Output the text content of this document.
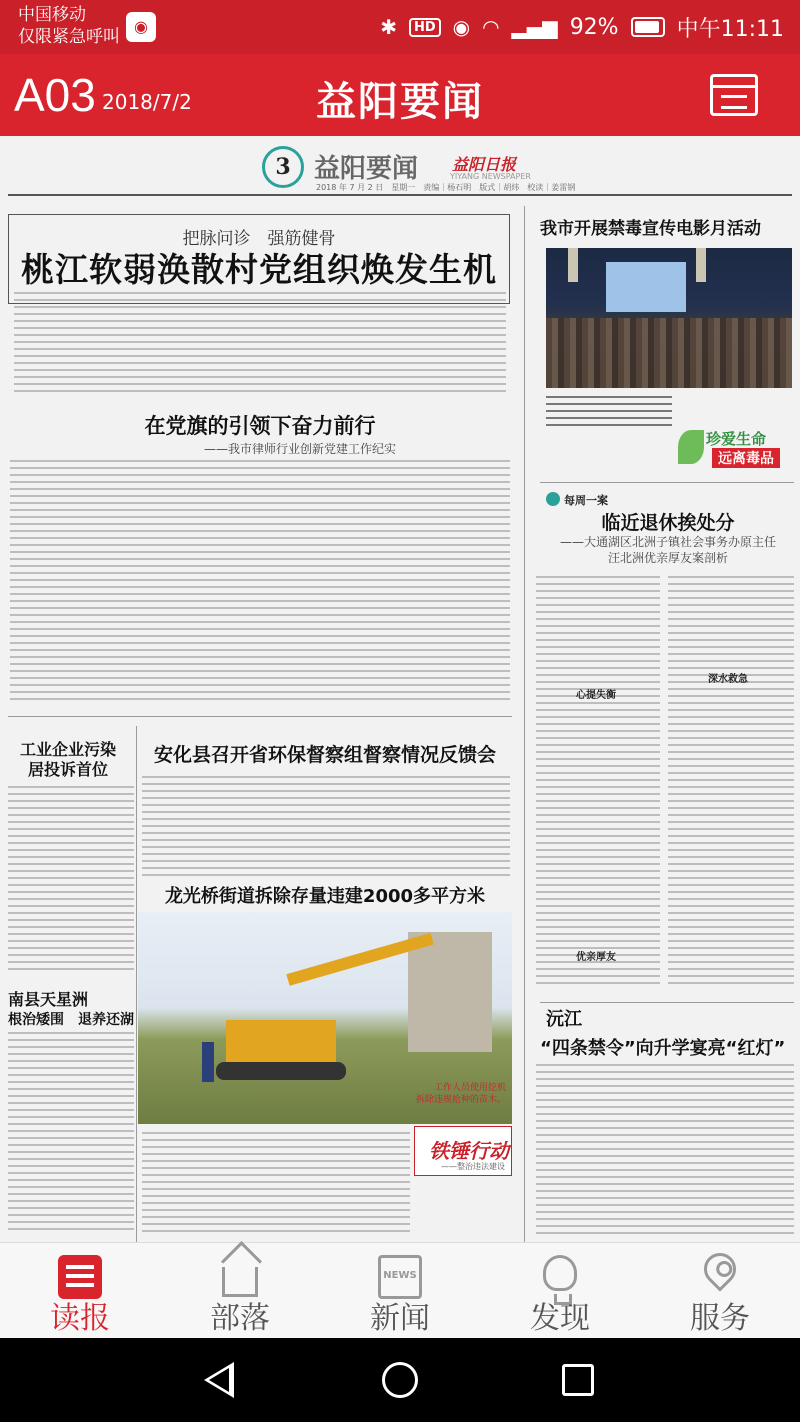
中国移动
仅限紧急呼叫
◉	✱	HD ◉ ◠ ▂▄▆ 92%	中午11:11
A03 2018/7/2	益阳要闻
3 益阳要闻 益阳日报
YIYANG NEWSPAPER
2018 年 7 月 2 日　星期一　责编｜杨石明　版式｜胡炜　校读｜姜雷钢
把脉问诊　强筋健骨
桃江软弱涣散村党组织焕发生机
在党旗的引领下奋力前行
——我市律师行业创新党建工作纪实
工业企业污染
居投诉首位
南县天星洲
根治矮围　退养还湖
安化县召开省环保督察组督察情况反馈会
龙光桥街道拆除存量违建2000多平方米
工作人员使用挖机
拆除违规抢种的苗木。
铁锤行动
——整治违法建设
我市开展禁毒宣传电影月活动
珍爱生命
远离毒品
每周一案
临近退休挨处分
——大通湖区北洲子镇社会事务办原主任
汪北洲优亲厚友案剖析
心提失衡
优亲厚友
深水救急
沅江
“四条禁令”向升学宴亮“红灯”
读报	部落
NEWS	新闻	发现	服务
